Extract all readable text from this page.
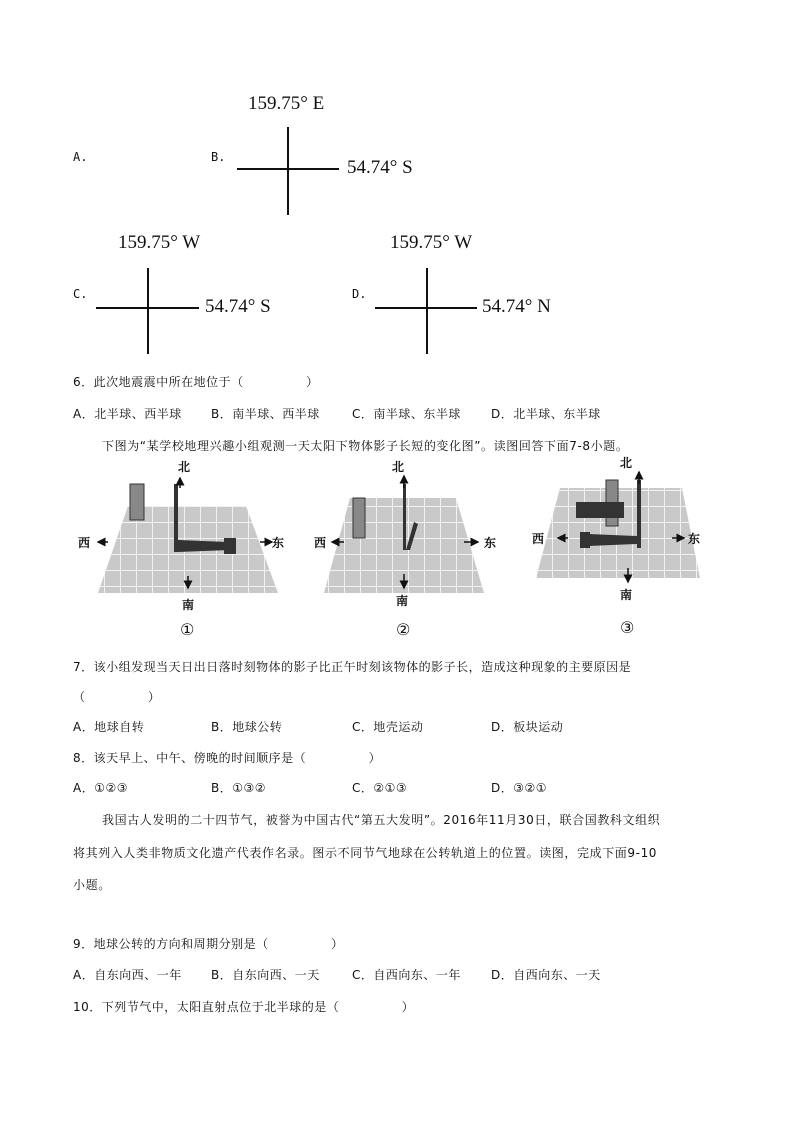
A.	B.
159.75° E
54.74° S
C.
159.75° W
54.74° S
D.
159.75° W
54.74° N
6．此次地震震中所在地位于（　　　　　）
A．北半球、西半球 B．南半球、西半球	C．南半球、东半球	D．北半球、东半球
下图为“某学校地理兴趣小组观测一天太阳下物体影子长短的变化图”。读图回答下面7-8小题。
北
南
西	东
①
北
南
西	东
②
北
南
西	东
③
7．该小组发现当天日出日落时刻物体的影子比正午时刻该物体的影子长，造成这种现象的主要原因是
（　　　　　）
A．地球自转	B．地球公转	C．地壳运动	D．板块运动
8．该天早上、中午、傍晚的时间顺序是（　　　　　）
A．①②③	B．①③②	C．②①③	D．③②①
我国古人发明的二十四节气，被誉为中国古代“第五大发明”。2016年11月30日，联合国教科文组织
将其列入人类非物质文化遗产代表作名录。图示不同节气地球在公转轨道上的位置。读图，完成下面9-10
小题。
9．地球公转的方向和周期分别是（　　　　　）
A．自东向西、一年 B．自东向西、一天	C．自西向东、一年	D．自西向东、一天
10．下列节气中，太阳直射点位于北半球的是（　　　　　）
